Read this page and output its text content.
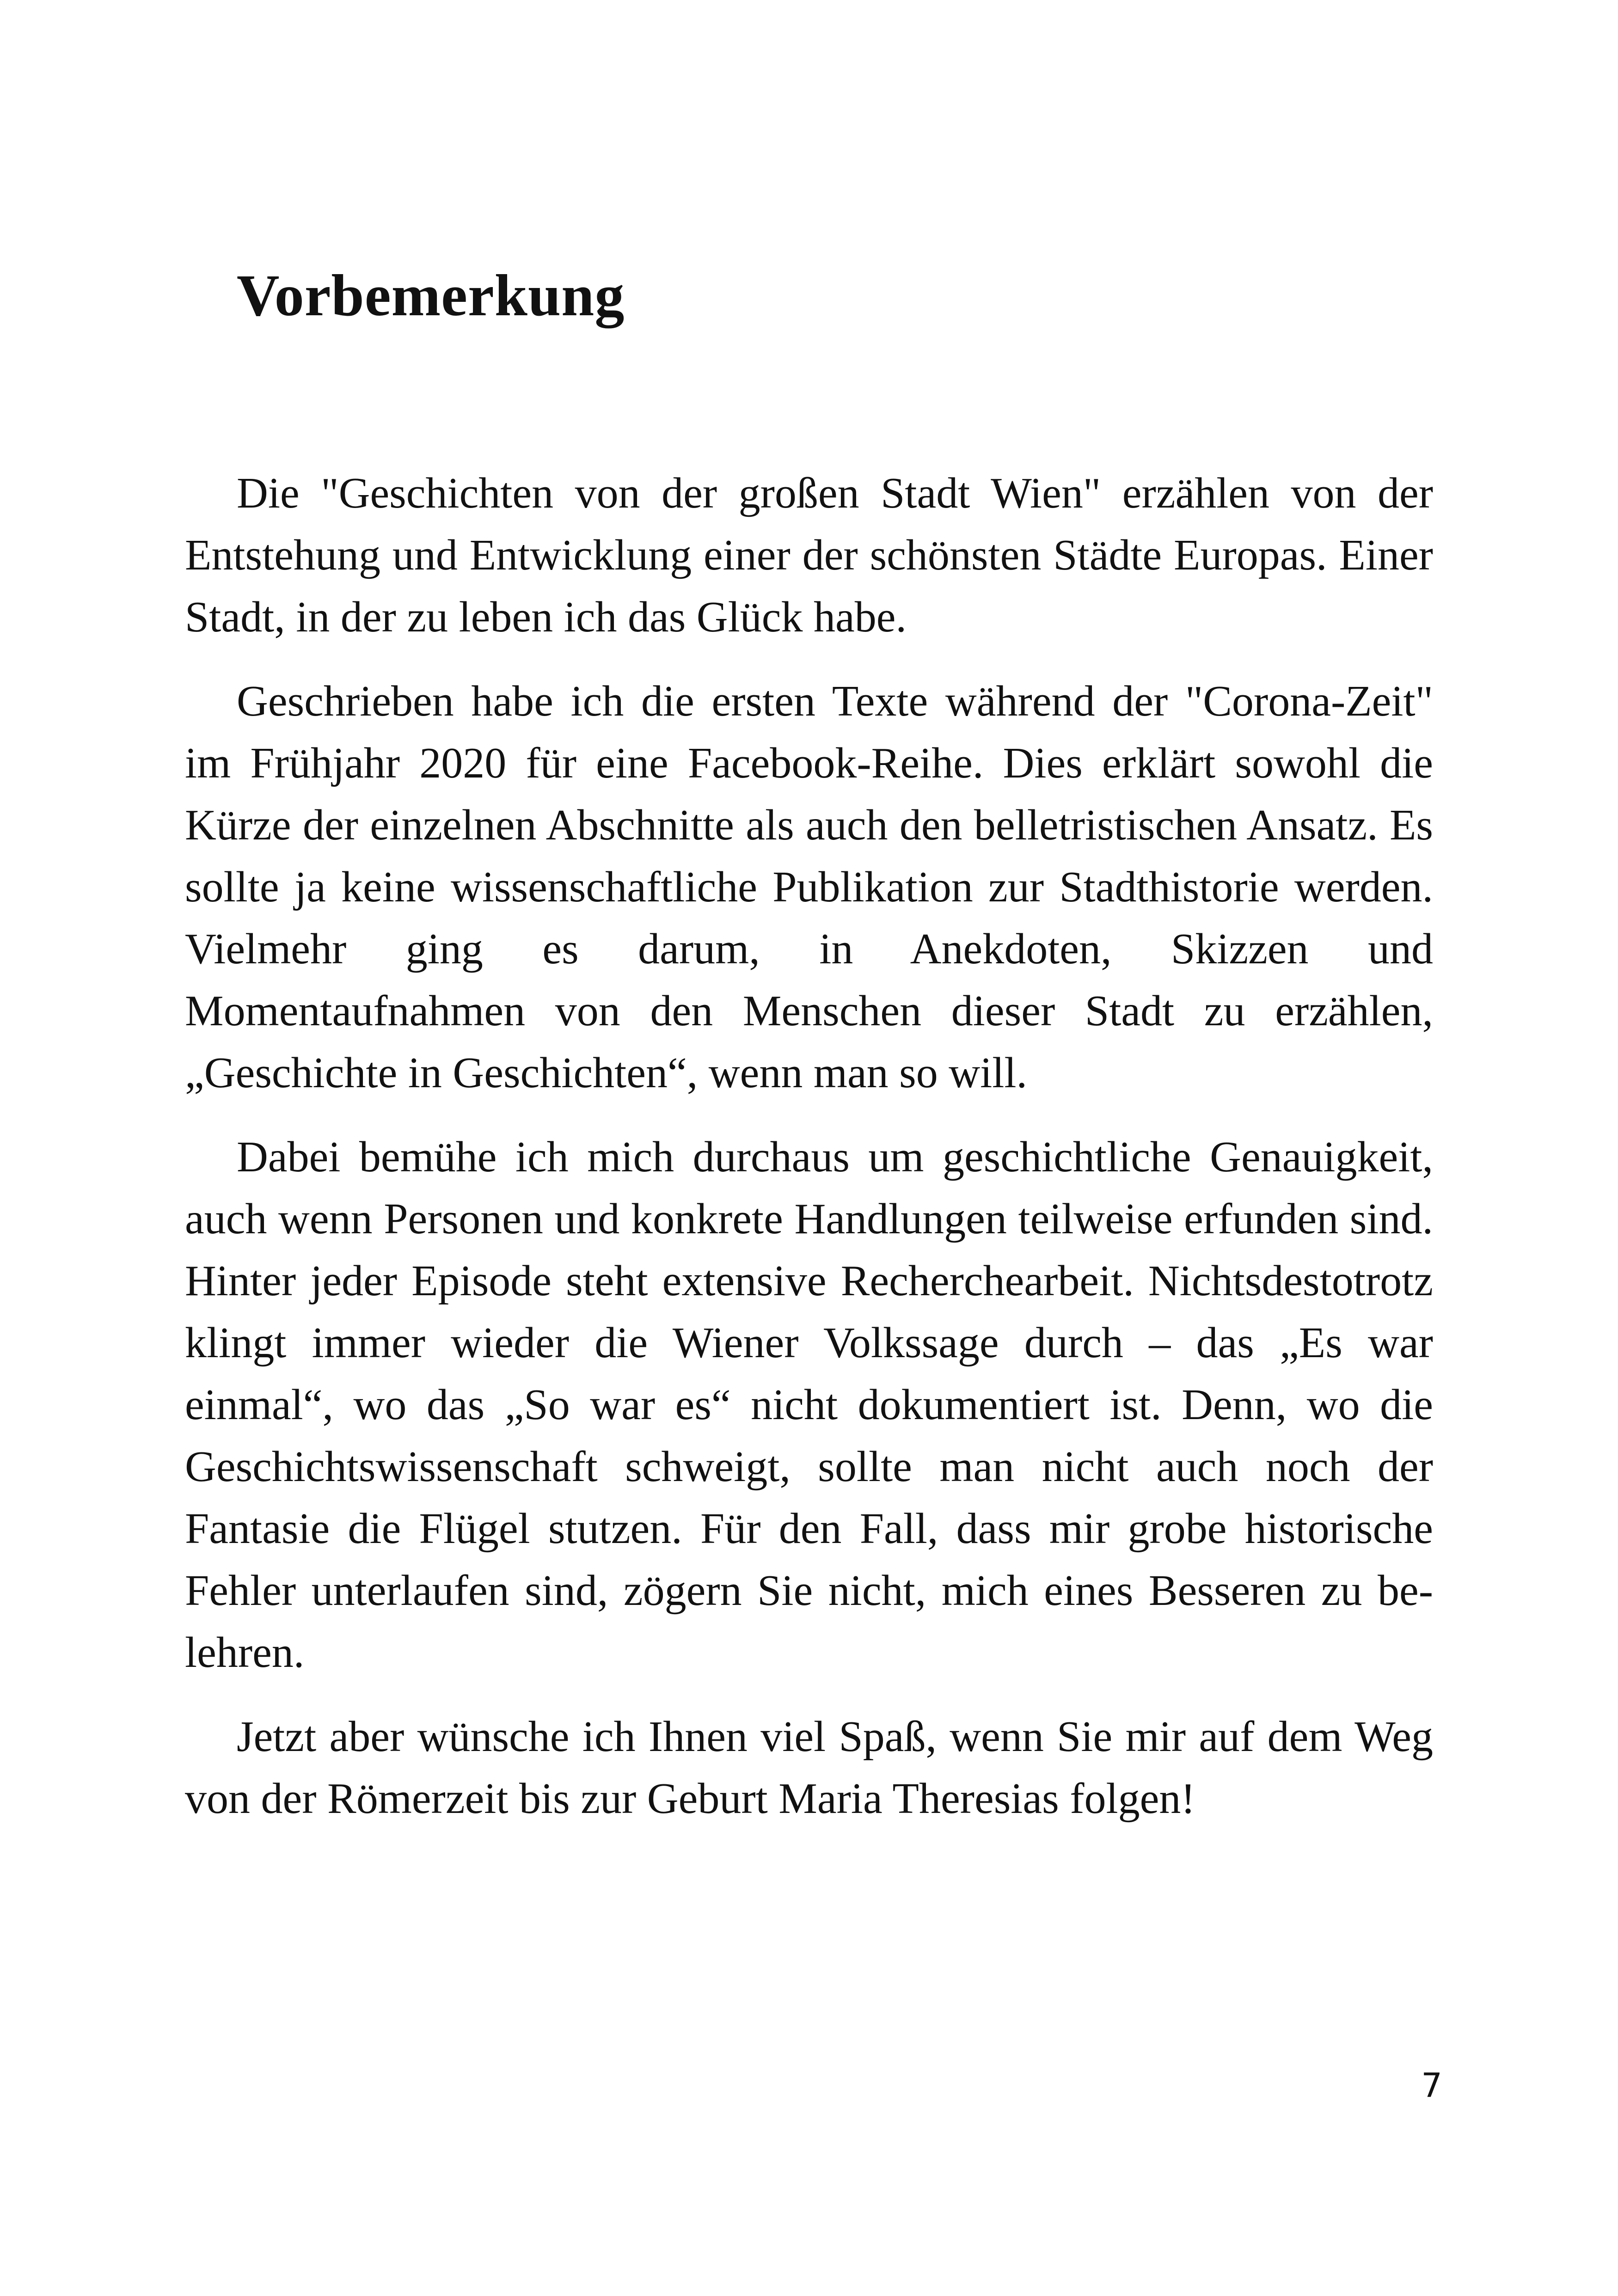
Vorbemerkung

Die "Geschichten von der großen Stadt Wien" erzählen von der Entstehung und Entwicklung einer der schönsten Städte Europas. Einer Stadt, in der zu leben ich das Glück habe.

Geschrieben habe ich die ersten Texte während der "Corona-Zeit" im Frühjahr 2020 für eine Facebook-Reihe. Dies erklärt sowohl die Kürze der einzelnen Abschnitte als auch den belletristischen Ansatz. Es sollte ja keine wissenschaftliche Publikation zur Stadthistorie werden. Vielmehr ging es darum, in Anekdoten, Skizzen und Momentaufnahmen von den Menschen dieser Stadt zu erzählen, „Geschichte in Geschichten“, wenn man so will.

Dabei bemühe ich mich durchaus um geschichtliche Genauigkeit, auch wenn Personen und konkrete Handlungen teilweise erfunden sind. Hinter jeder Episode steht extensive Recherchearbeit. Nichtsdestotrotz klingt immer wieder die Wiener Volkssage durch – das „Es war einmal“, wo das „So war es“ nicht dokumentiert ist. Denn, wo die Geschichtswissenschaft schweigt, sollte man nicht auch noch der Fantasie die Flügel stutzen. Für den Fall, dass mir grobe historische Fehler unterlaufen sind, zögern Sie nicht, mich eines Besseren zu belehren.

Jetzt aber wünsche ich Ihnen viel Spaß, wenn Sie mir auf dem Weg von der Römerzeit bis zur Geburt Maria Theresias folgen!

7
